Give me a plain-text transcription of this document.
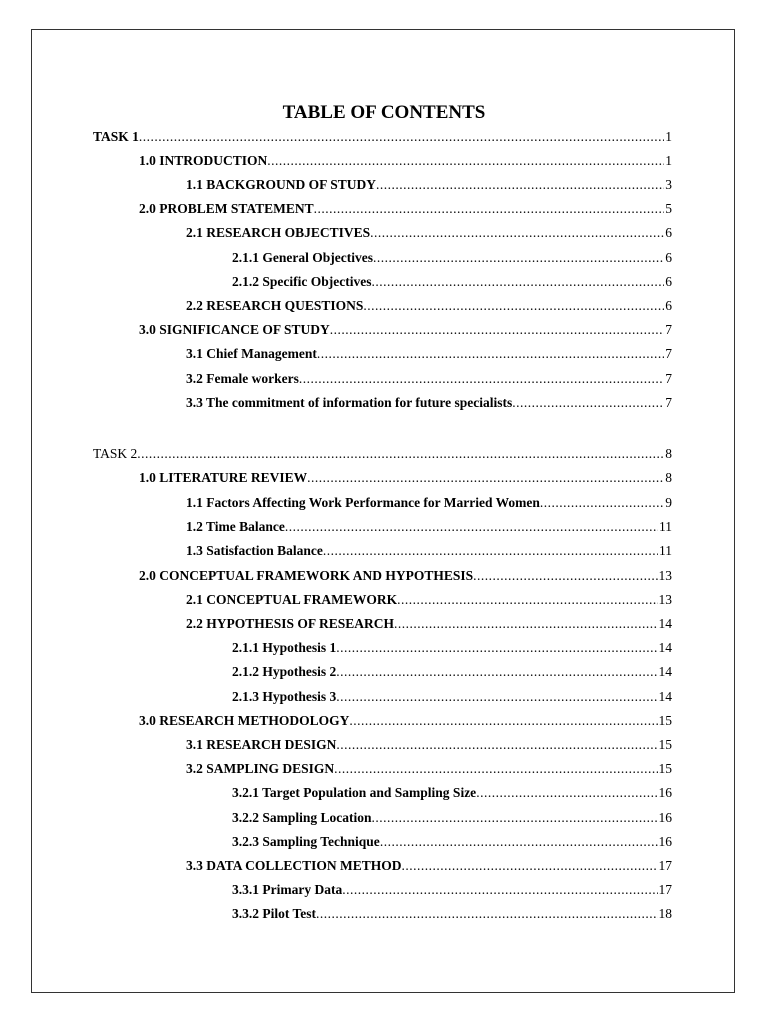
TABLE OF CONTENTS
TASK 1 .....	1
1.0 INTRODUCTION .....	1
1.1 BACKGROUND OF STUDY .....	3
2.0 PROBLEM STATEMENT .....	5
2.1 RESEARCH OBJECTIVES .....	6
2.1.1 General Objectives .....	6
2.1.2 Specific Objectives .....	6
2.2 RESEARCH QUESTIONS .....	6
3.0 SIGNIFICANCE OF STUDY .....	7
3.1 Chief Management .....	7
3.2 Female workers .....	7
3.3 The commitment of information for future specialists .....	7
TASK 2 .....	8
1.0 LITERATURE REVIEW .....	8
1.1 Factors Affecting Work Performance for Married Women .....	9
1.2 Time Balance .....	11
1.3 Satisfaction Balance .....	11
2.0 CONCEPTUAL FRAMEWORK AND HYPOTHESIS .....	13
2.1 CONCEPTUAL FRAMEWORK .....	13
2.2 HYPOTHESIS OF RESEARCH .....	14
2.1.1 Hypothesis 1 .....	14
2.1.2 Hypothesis 2 .....	14
2.1.3 Hypothesis 3 .....	14
3.0 RESEARCH METHODOLOGY .....	15
3.1 RESEARCH DESIGN .....	15
3.2 SAMPLING DESIGN .....	15
3.2.1 Target Population and Sampling Size .....	16
3.2.2 Sampling Location .....	16
3.2.3 Sampling Technique .....	16
3.3 DATA COLLECTION METHOD .....	17
3.3.1 Primary Data .....	17
3.3.2 Pilot Test .....	18
